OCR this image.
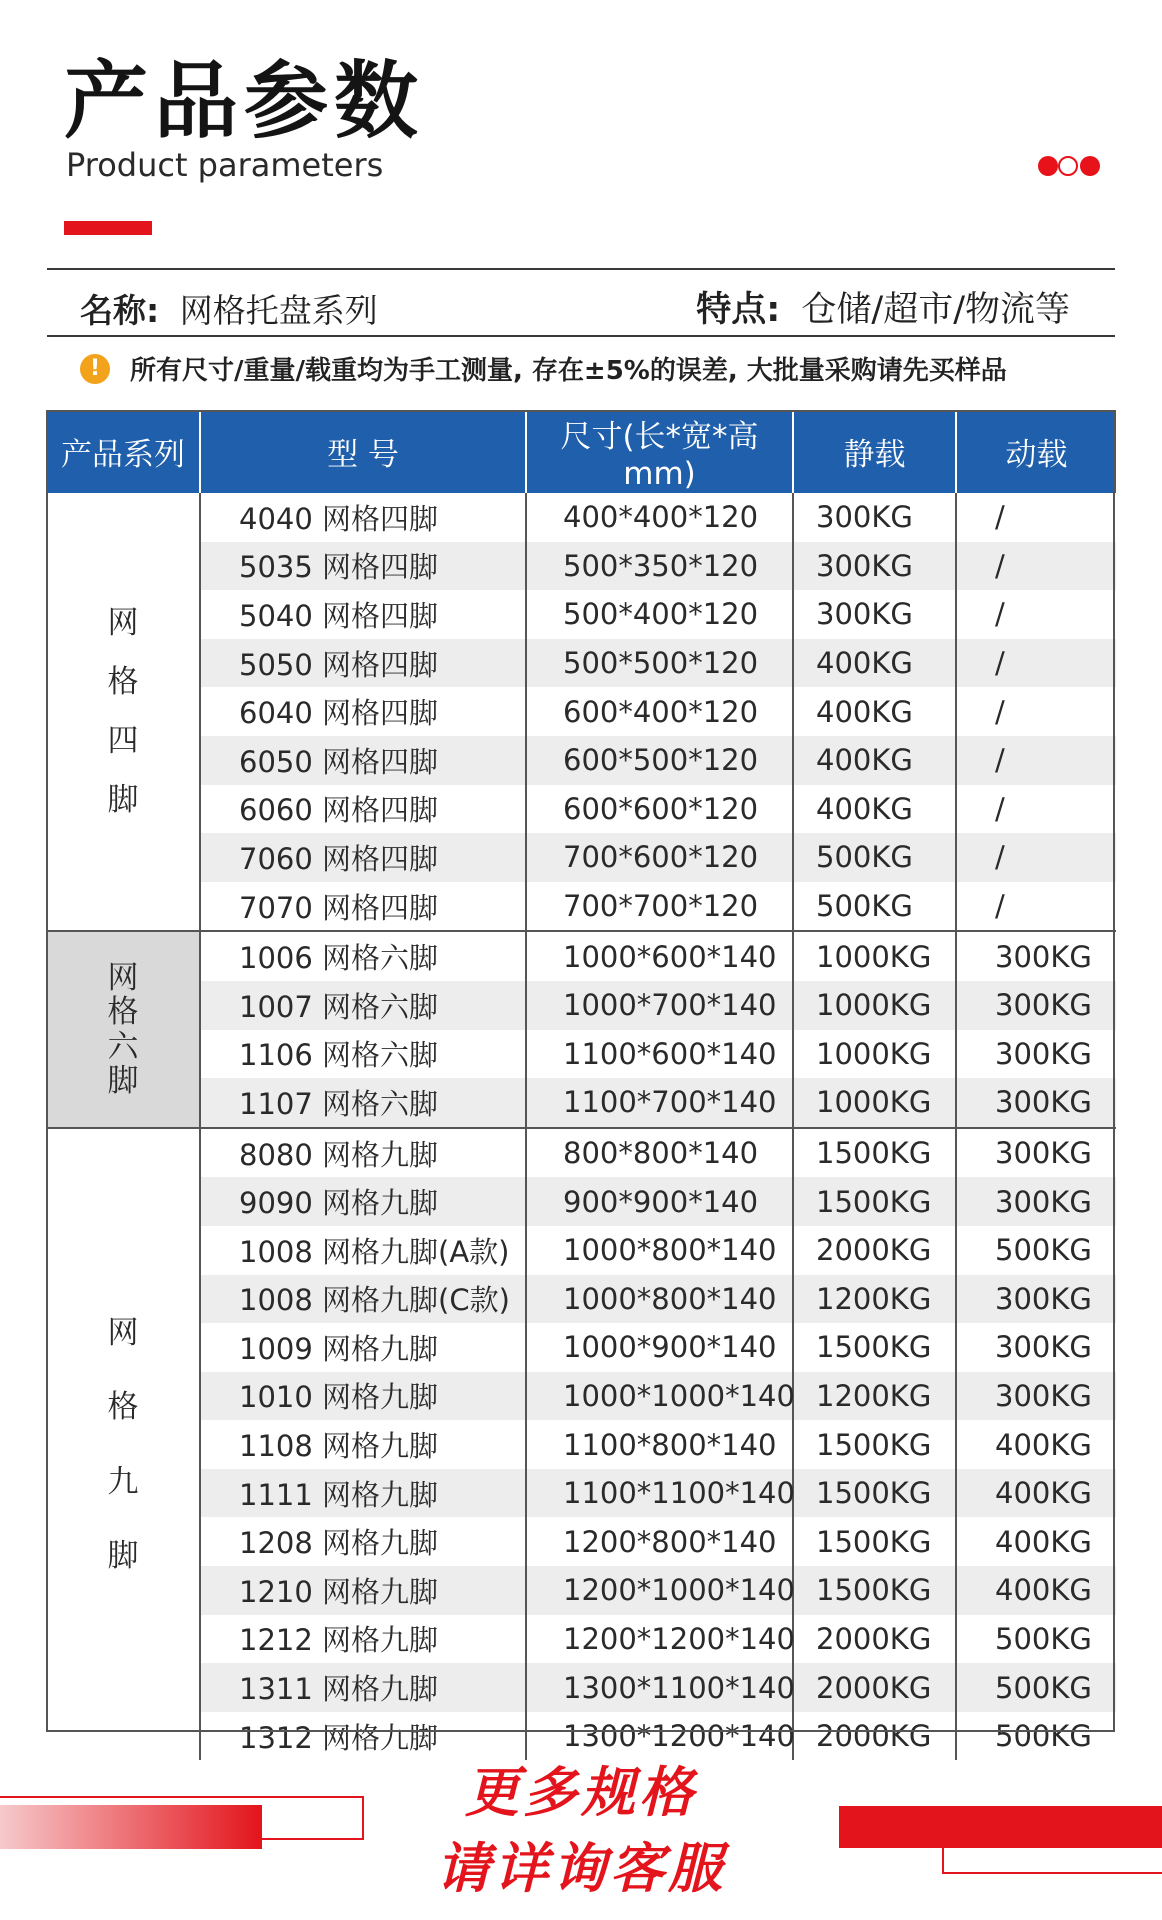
产品参数
Product parameters
名称: 网格托盘系列	特点: 仓储/超市/物流等
!	所有尺寸/重量/载重均为手工测量, 存在±5%的误差, 大批量采购请先买样品
产品系列	型 号	尺寸(长*宽*高mm)	静载	动载
网
格
四
脚	4040 网格四脚	400*400*120	300KG	/
	5035 网格四脚	500*350*120	300KG	/
	5040 网格四脚	500*400*120	300KG	/
	5050 网格四脚	500*500*120	400KG	/
	6040 网格四脚	600*400*120	400KG	/
	6050 网格四脚	600*500*120	400KG	/
	6060 网格四脚	600*600*120	400KG	/
	7060 网格四脚	700*600*120	500KG	/
	7070 网格四脚	700*700*120	500KG	/
网
格
六
脚	1006 网格六脚	1000*600*140	1000KG	300KG
	1007 网格六脚	1000*700*140	1000KG	300KG
	1106 网格六脚	1100*600*140	1000KG	300KG
	1107 网格六脚	1100*700*140	1000KG	300KG
网
格
九
脚	8080 网格九脚	800*800*140	1500KG	300KG
	9090 网格九脚	900*900*140	1500KG	300KG
	1008 网格九脚(A款)	1000*800*140	2000KG	500KG
	1008 网格九脚(C款)	1000*800*140	1200KG	300KG
	1009 网格九脚	1000*900*140	1500KG	300KG
	1010 网格九脚	1000*1000*140	1200KG	300KG
	1108 网格九脚	1100*800*140	1500KG	400KG
	1111 网格九脚	1100*1100*140	1500KG	400KG
	1208 网格九脚	1200*800*140	1500KG	400KG
	1210 网格九脚	1200*1000*140	1500KG	400KG
	1212 网格九脚	1200*1200*140	2000KG	500KG
	1311 网格九脚	1300*1100*140	2000KG	500KG
	1312 网格九脚	1300*1200*140	2000KG	500KG
更多规格
请详询客服
